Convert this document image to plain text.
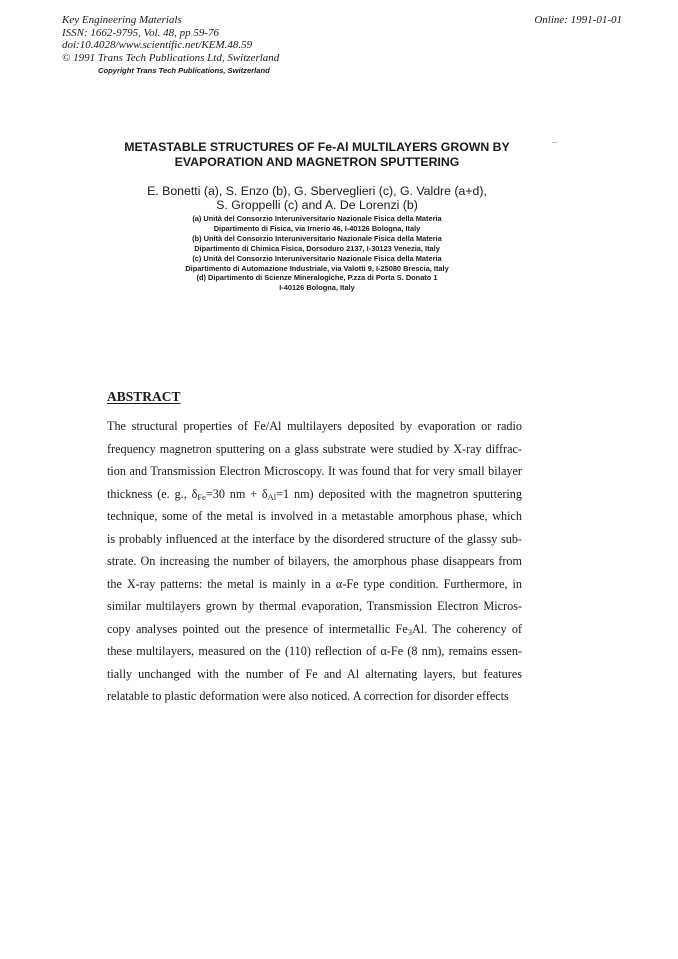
Key Engineering Materials
ISSN: 1662-9795, Vol. 48, pp 59-76
doi:10.4028/www.scientific.net/KEM.48.59
© 1991 Trans Tech Publications Ltd, Switzerland
Copyright Trans Tech Publications, Switzerland
Online: 1991-01-01
METASTABLE STRUCTURES OF Fe-Al MULTILAYERS GROWN BY
EVAPORATION AND MAGNETRON SPUTTERING
E. Bonetti (a), S. Enzo (b), G. Sberveglieri (c), G. Valdre (a+d),
S. Groppelli (c) and A. De Lorenzi (b)
(a) Unità del Consorzio Interuniversitario Nazionale Fisica della Materia
Dipartimento di Fisica, via Irnerio 46, I-40126 Bologna, Italy
(b) Unità del Consorzio Interuniversitario Nazionale Fisica della Materia
Dipartimento di Chimica Fisica, Dorsoduro 2137, I-30123 Venezia, Italy
(c) Unità del Consorzio Interuniversitario Nazionale Fisica della Materia
Dipartimento di Automazione Industriale, via Valotti 9, I-25080 Brescia, Italy
(d) Dipartimento di Scienze Mineralogiche, P.zza di Porta S. Donato 1
I-40126 Bologna, Italy
ABSTRACT
The structural properties of Fe/Al multilayers deposited by evaporation or radio
frequency magnetron sputtering on a glass substrate were studied by X-ray diffrac-
tion and Transmission Electron Microscopy. It was found that for very small bilayer
thickness (e. g., $\delta_{Fe}=30$ nm + $\delta_{Al}=1$ nm) deposited with the magnetron sputtering
technique, some of the metal is involved in a metastable amorphous phase, which
is probably influenced at the interface by the disordered structure of the glassy sub-
strate. On increasing the number of bilayers, the amorphous phase disappears from
the X-ray patterns: the metal is mainly in a α-Fe type condition. Furthermore, in
similar multilayers grown by thermal evaporation, Transmission Electron Micros-
copy analyses pointed out the presence of intermetallic $Fe_3Al$. The coherency of
these multilayers, measured on the (110) reflection of α-Fe (8 nm), remains essen-
tially unchanged with the number of Fe and Al alternating layers, but features
relatable to plastic deformation were also noticed. A correction for disorder effects
